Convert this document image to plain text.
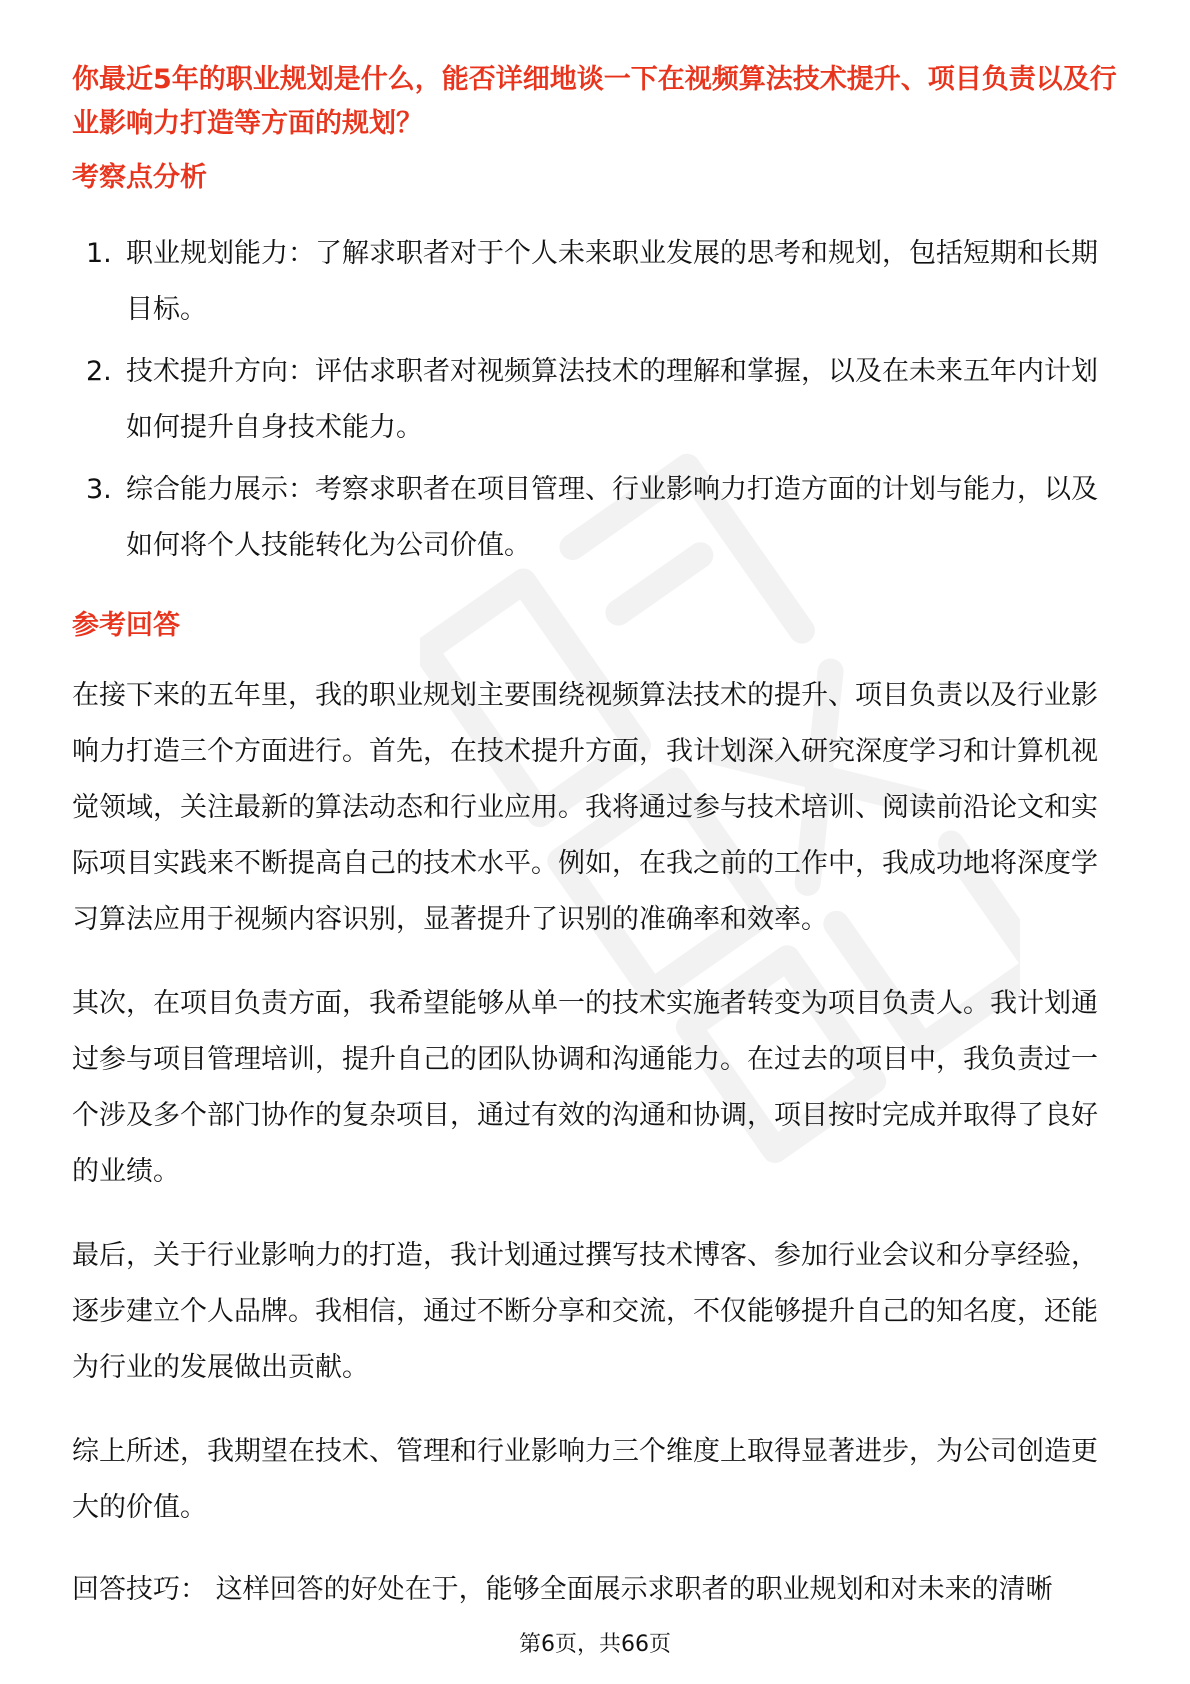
你最近5年的职业规划是什么，能否详细地谈一下在视频算法技术提升、项目负责以及行业影响力打造等方面的规划？

考察点分析
1. 职业规划能力：了解求职者对于个人未来职业发展的思考和规划，包括短期和长期目标。
2. 技术提升方向：评估求职者对视频算法技术的理解和掌握，以及在未来五年内计划如何提升自身技术能力。
3. 综合能力展示：考察求职者在项目管理、行业影响力打造方面的计划与能力，以及如何将个人技能转化为公司价值。
参考回答

在接下来的五年里，我的职业规划主要围绕视频算法技术的提升、项目负责以及行业影响力打造三个方面进行。首先，在技术提升方面，我计划深入研究深度学习和计算机视觉领域，关注最新的算法动态和行业应用。我将通过参与技术培训、阅读前沿论文和实际项目实践来不断提高自己的技术水平。例如，在我之前的工作中，我成功地将深度学习算法应用于视频内容识别，显著提升了识别的准确率和效率。

其次，在项目负责方面，我希望能够从单一的技术实施者转变为项目负责人。我计划通过参与项目管理培训，提升自己的团队协调和沟通能力。在过去的项目中，我负责过一个涉及多个部门协作的复杂项目，通过有效的沟通和协调，项目按时完成并取得了良好的业绩。

最后，关于行业影响力的打造，我计划通过撰写技术博客、参加行业会议和分享经验，逐步建立个人品牌。我相信，通过不断分享和交流，不仅能够提升自己的知名度，还能为行业的发展做出贡献。

综上所述，我期望在技术、管理和行业影响力三个维度上取得显著进步，为公司创造更大的价值。

回答技巧： 这样回答的好处在于，能够全面展示求职者的职业规划和对未来的清晰

第6页，共66页
